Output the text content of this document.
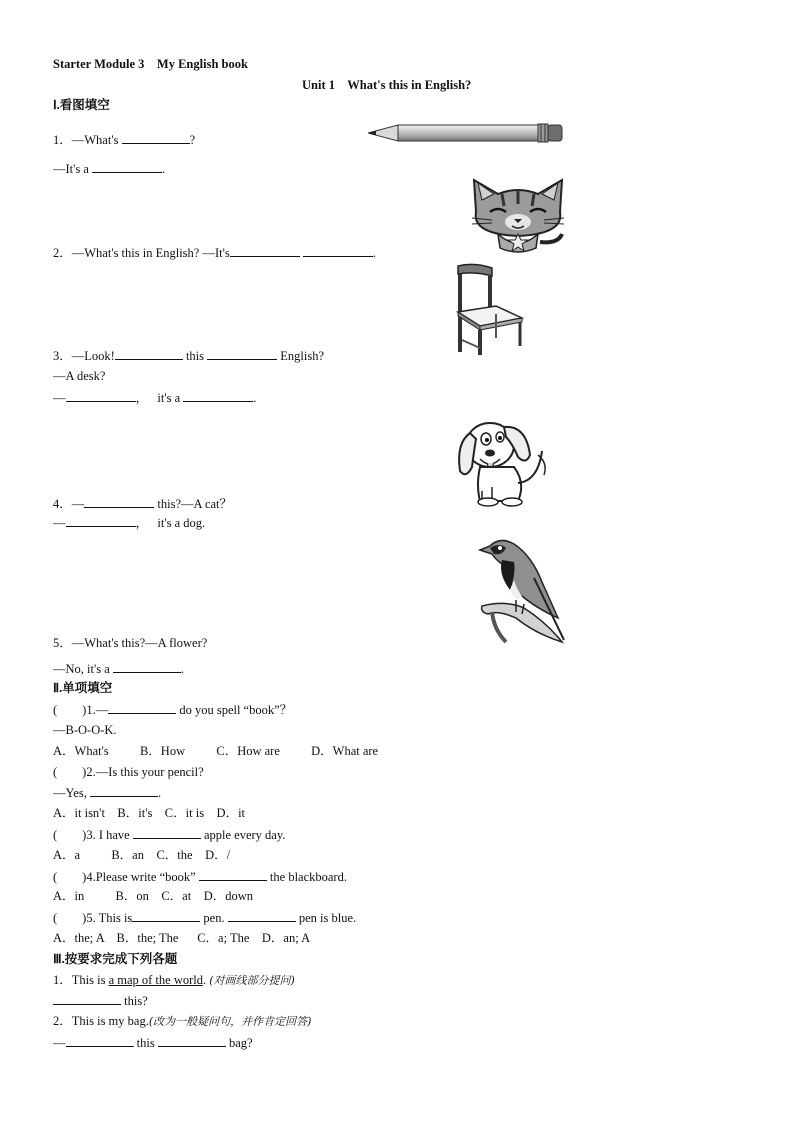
Starter Module 3    My English book
Unit 1    What's this in English?
Ⅰ.看图填空
1．—What's	?
—It's a	.
2．—What's this in English? —It's	.
3．—Look!	this	English?
—A desk?
—	，   it's a	.
4．—	this?—A cat？
—	，   it's a dog.
5．—What's this?—A flower?
—No, it's a	.
Ⅱ.单项填空
(        )1.—	do you spell “book”？
—B-O-O-K.
A．What's          B．How          C．How are          D．What are
(        )2.—Is this your pencil?
—Yes,	.
A．it isn't    B．it's    C．it is    D．it
(        )3. I have	apple every day.
A．a          B．an    C．the    D．/
(        )4.Please write “book”	the blackboard.
A．in          B．on    C．at    D．down
(        )5. This is	pen.	pen is blue.
A．the; A    B．the; The      C．a; The    D．an; A
Ⅲ.按要求完成下列各题
1．This is a map of the world. (对画线部分提问)
this?
2．This is my bag.(改为一般疑问句，并作肯定回答)
—	this	bag?
